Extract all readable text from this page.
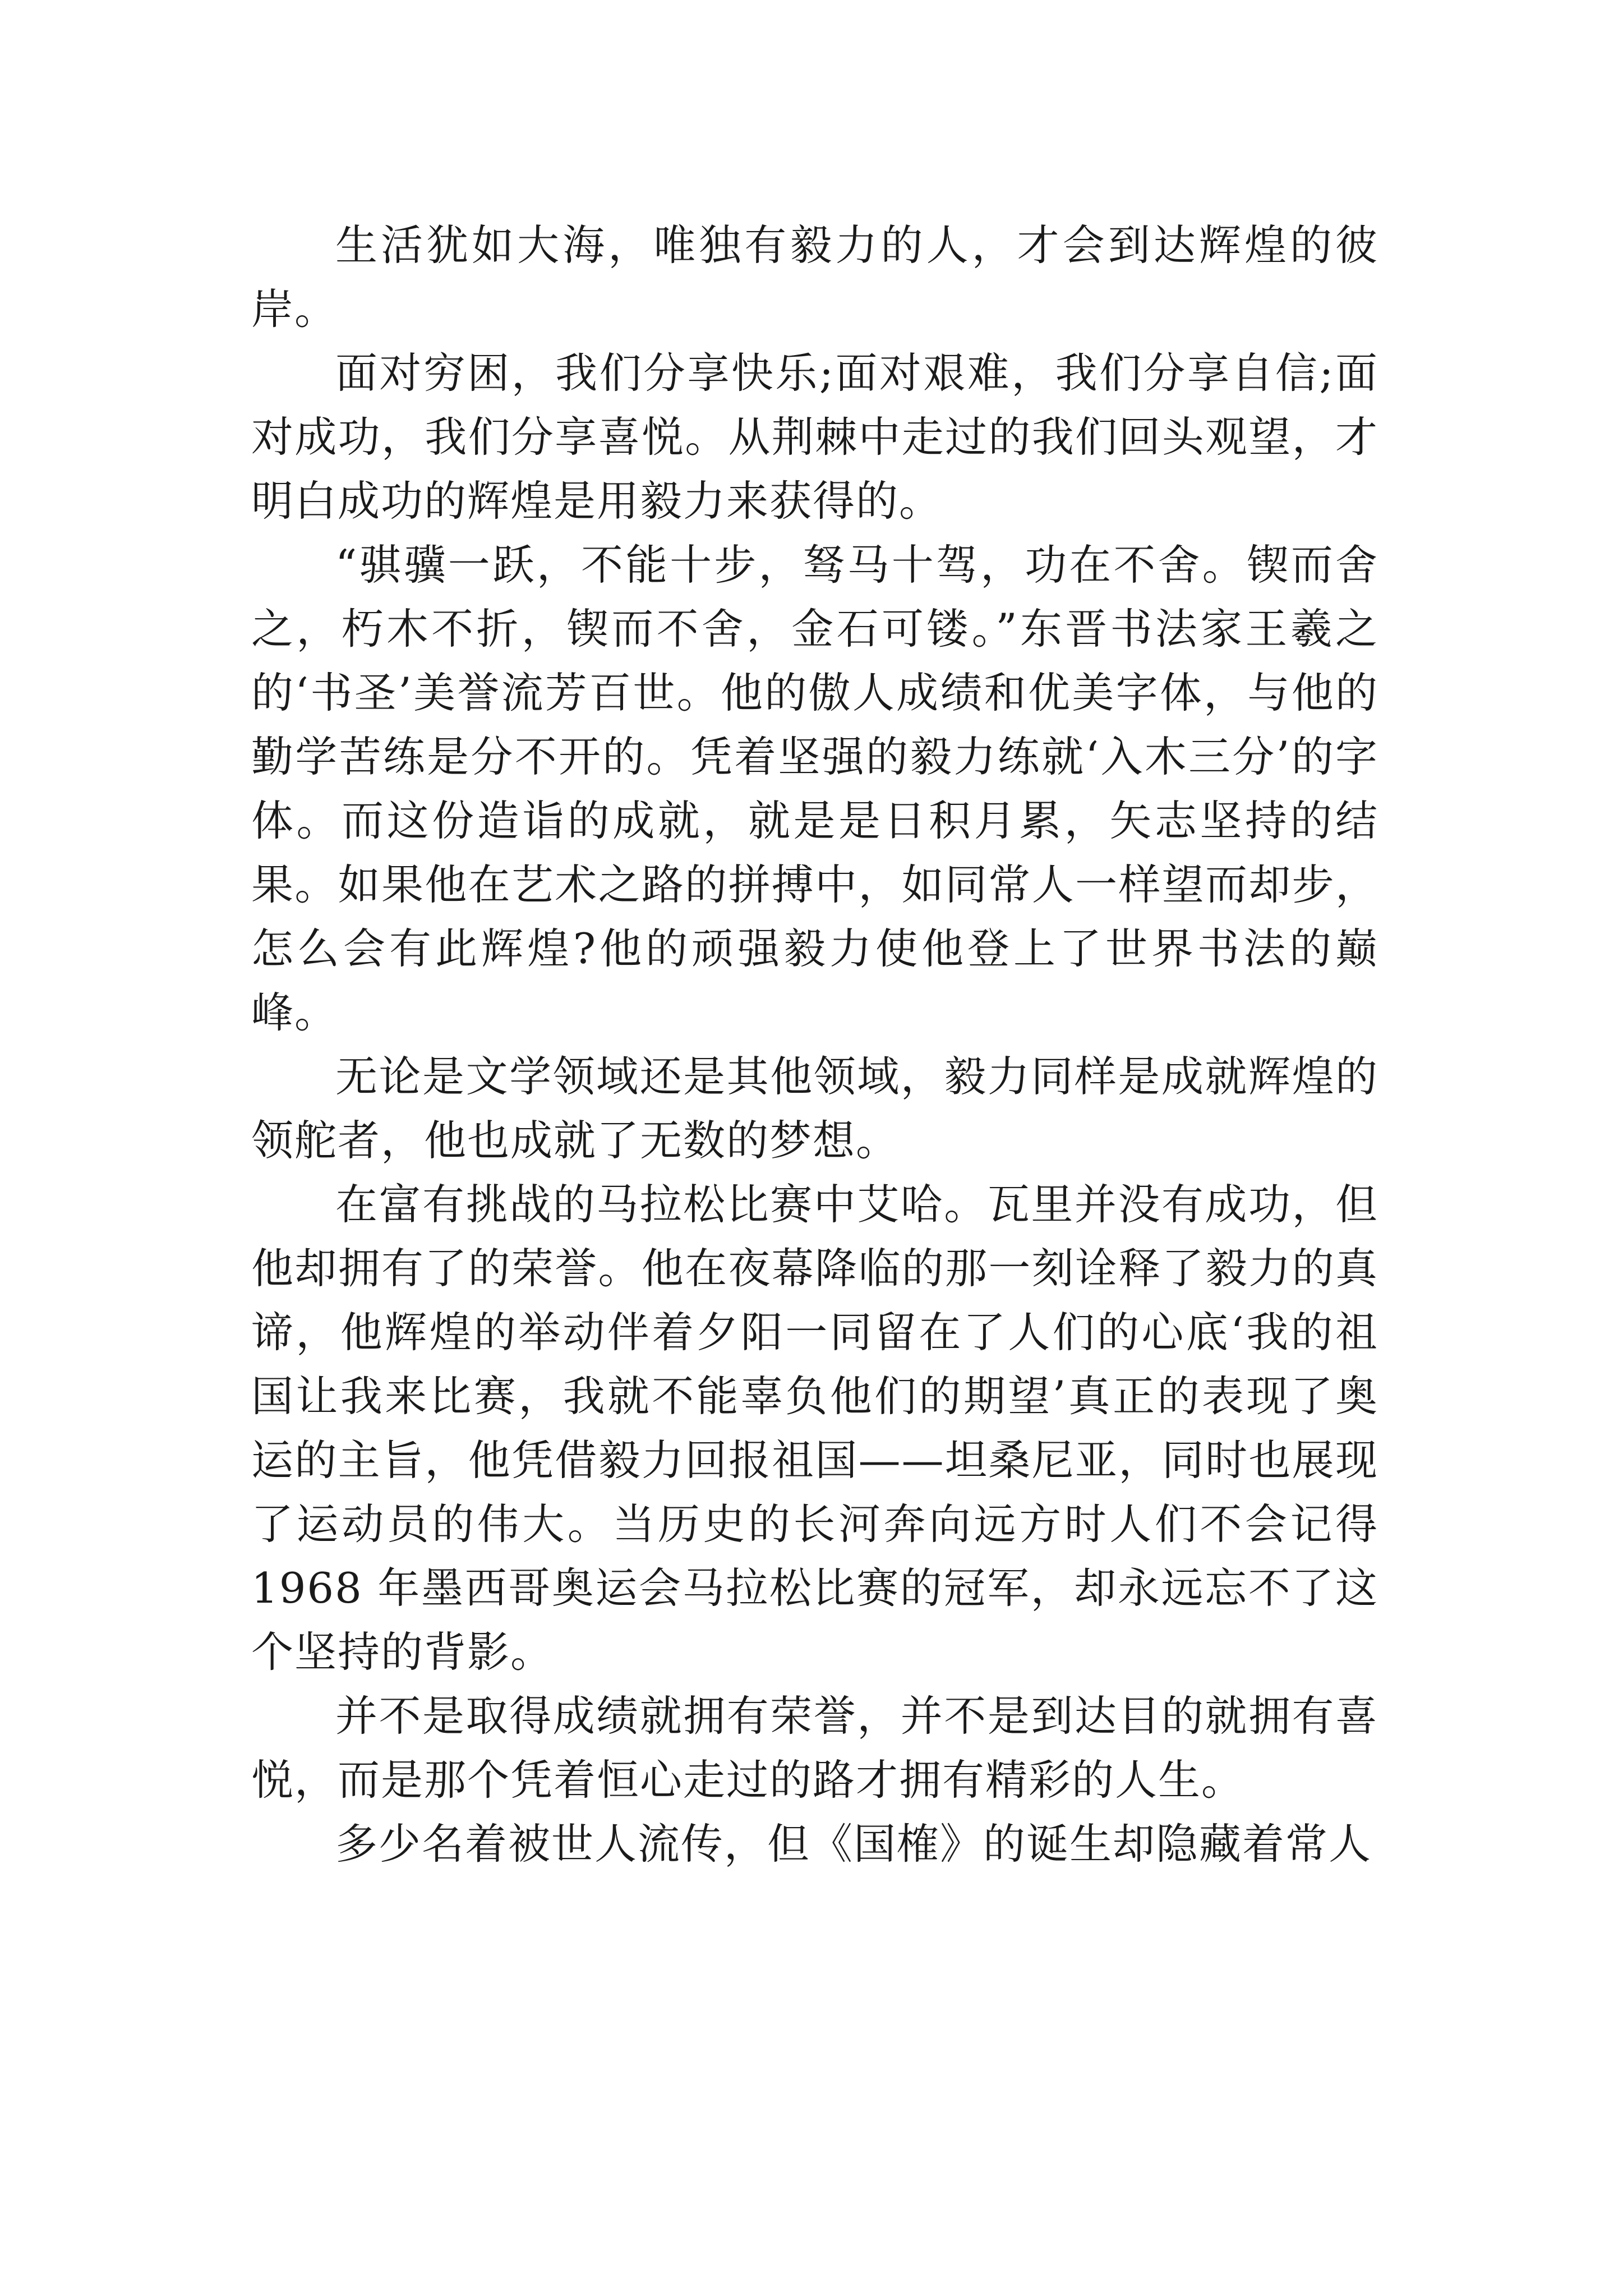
生活犹如大海，唯独有毅力的人，才会到达辉煌的彼岸。

面对穷困，我们分享快乐;面对艰难，我们分享自信;面对成功，我们分享喜悦。从荆棘中走过的我们回头观望，才明白成功的辉煌是用毅力来获得的。

“骐骥一跃，不能十步，驽马十驾，功在不舍。锲而舍之，朽木不折，锲而不舍，金石可镂。”东晋书法家王羲之的‘书圣’美誉流芳百世。他的傲人成绩和优美字体，与他的勤学苦练是分不开的。凭着坚强的毅力练就‘入木三分’的字体。而这份造诣的成就，就是是日积月累，矢志坚持的结果。如果他在艺术之路的拼搏中，如同常人一样望而却步，怎么会有此辉煌?他的顽强毅力使他登上了世界书法的巅峰。

无论是文学领域还是其他领域，毅力同样是成就辉煌的领舵者，他也成就了无数的梦想。

在富有挑战的马拉松比赛中艾哈。瓦里并没有成功，但他却拥有了的荣誉。他在夜幕降临的那一刻诠释了毅力的真谛，他辉煌的举动伴着夕阳一同留在了人们的心底‘我的祖国让我来比赛，我就不能辜负他们的期望’真正的表现了奥运的主旨，他凭借毅力回报祖国——坦桑尼亚，同时也展现了运动员的伟大。当历史的长河奔向远方时人们不会记得 1968 年墨西哥奥运会马拉松比赛的冠军，却永远忘不了这个坚持的背影。

并不是取得成绩就拥有荣誉，并不是到达目的就拥有喜悦，而是那个凭着恒心走过的路才拥有精彩的人生。

多少名着被世人流传，但《国榷》的诞生却隐藏着常人
